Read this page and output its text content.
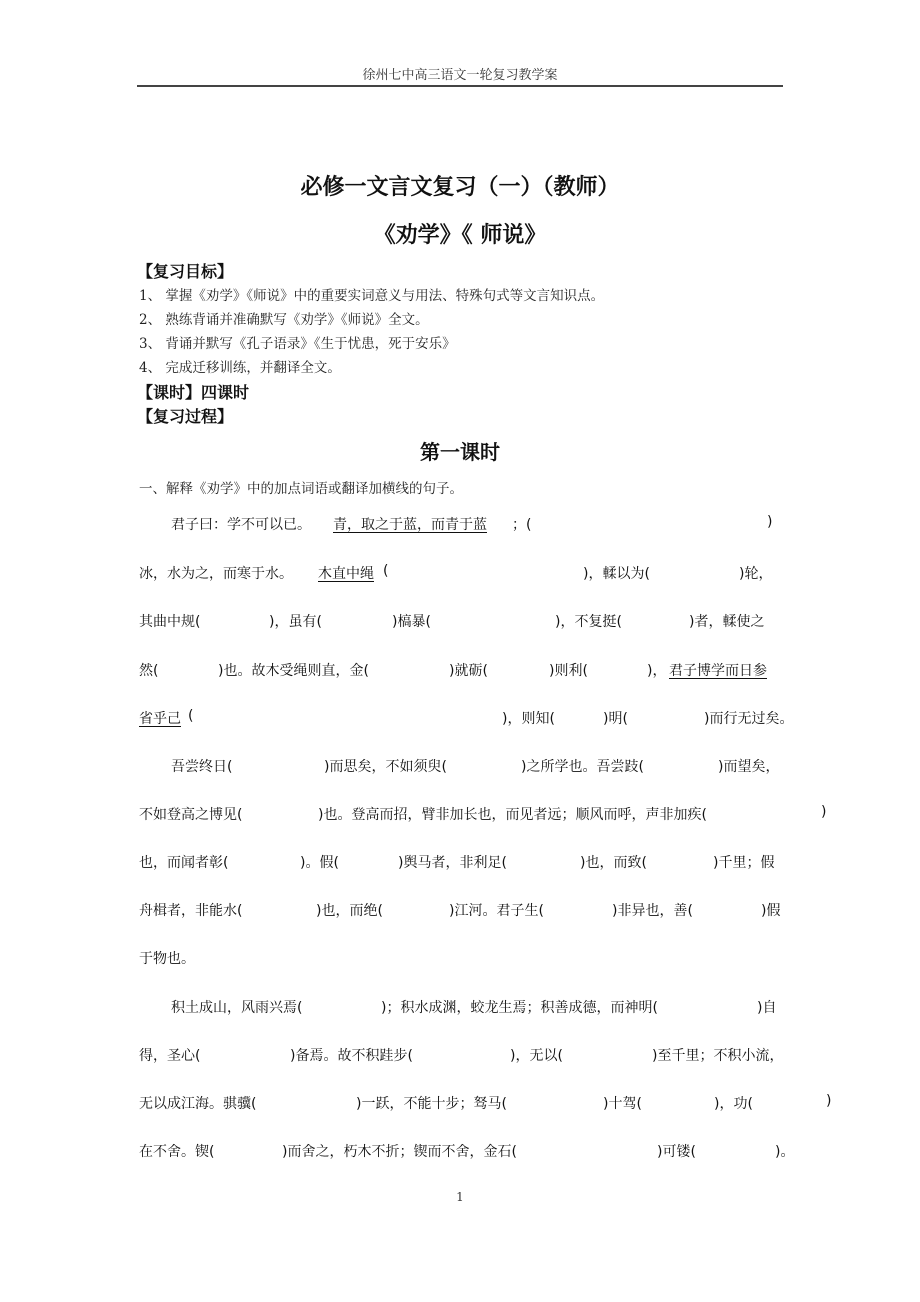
徐州七中高三语文一轮复习教学案
必修一文言文复习（一）（教师）
《劝学》《 师说》
【复习目标】
1、 掌握《劝学》《师说》中的重要实词意义与用法、特殊句式等文言知识点。
2、 熟练背诵并准确默写《劝学》《师说》全文。
3、 背诵并默写《孔子语录》《生于忧患，死于安乐》
4、 完成迁移训练，并翻译全文。
【课时】四课时
【复习过程】
第一课时
一、解释《劝学》中的加点词语或翻译加横线的句子。
君子曰：学不可以已。 青，取之于蓝，而青于蓝 ；(	)
冰，水为之，而寒于水。 木直中绳 (	)，輮以为(	)轮，
其曲中规(	)，虽有(	)槁暴(	)，不复挺(	)者，輮使之
然(	)也。故木受绳则直，金(	)就砺(	)则利(	)， 君子博学而日参
省乎己 (	)，则知(	)明(	)而行无过矣。
吾尝终日(	)而思矣，不如须臾(	)之所学也。吾尝跂(	)而望矣，
不如登高之博见(	)也。登高而招，臂非加长也，而见者远；顺风而呼，声非加疾(	)
也，而闻者彰(	)。假(	)舆马者，非利足(	)也，而致(	)千里；假
舟楫者，非能水(	)也，而绝(	)江河。君子生(	)非异也，善(	)假
于物也。
积土成山，风雨兴焉(	)；积水成渊，蛟龙生焉；积善成德，而神明(	)自
得，圣心(	)备焉。故不积跬步(	)，无以(	)至千里；不积小流，
无以成江海。骐骥(	)一跃，不能十步；驽马(	)十驾(	)，功(	)
在不舍。锲(	)而舍之，朽木不折；锲而不舍，金石(	)可镂(	)。
1
